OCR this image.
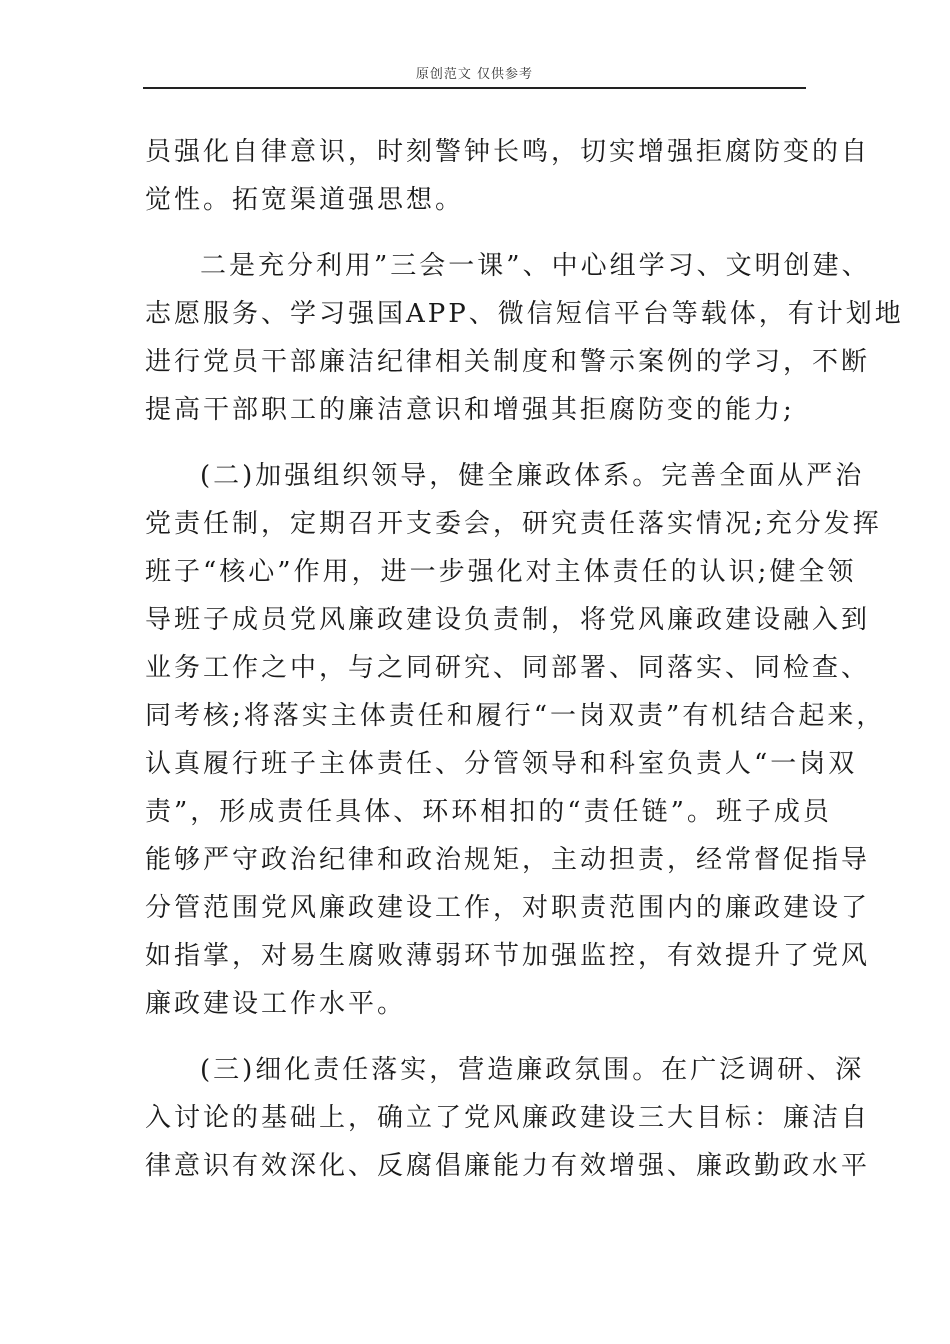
原创范文 仅供参考

员强化自律意识，时刻警钟长鸣，切实增强拒腐防变的自
觉性。拓宽渠道强思想。

二是充分利用”三会一课”、中心组学习、文明创建、
志愿服务、学习强国APP、微信短信平台等载体，有计划地
进行党员干部廉洁纪律相关制度和警示案例的学习，不断
提高干部职工的廉洁意识和增强其拒腐防变的能力;

(二)加强组织领导，健全廉政体系。完善全面从严治
党责任制，定期召开支委会，研究责任落实情况;充分发挥
班子“核心”作用，进一步强化对主体责任的认识;健全领
导班子成员党风廉政建设负责制，将党风廉政建设融入到
业务工作之中，与之同研究、同部署、同落实、同检查、
同考核;将落实主体责任和履行“一岗双责”有机结合起来，
认真履行班子主体责任、分管领导和科室负责人“一岗双
责”，形成责任具体、环环相扣的“责任链”。班子成员
能够严守政治纪律和政治规矩，主动担责，经常督促指导
分管范围党风廉政建设工作，对职责范围内的廉政建设了
如指掌，对易生腐败薄弱环节加强监控，有效提升了党风
廉政建设工作水平。

(三)细化责任落实，营造廉政氛围。在广泛调研、深
入讨论的基础上，确立了党风廉政建设三大目标：廉洁自
律意识有效深化、反腐倡廉能力有效增强、廉政勤政水平
